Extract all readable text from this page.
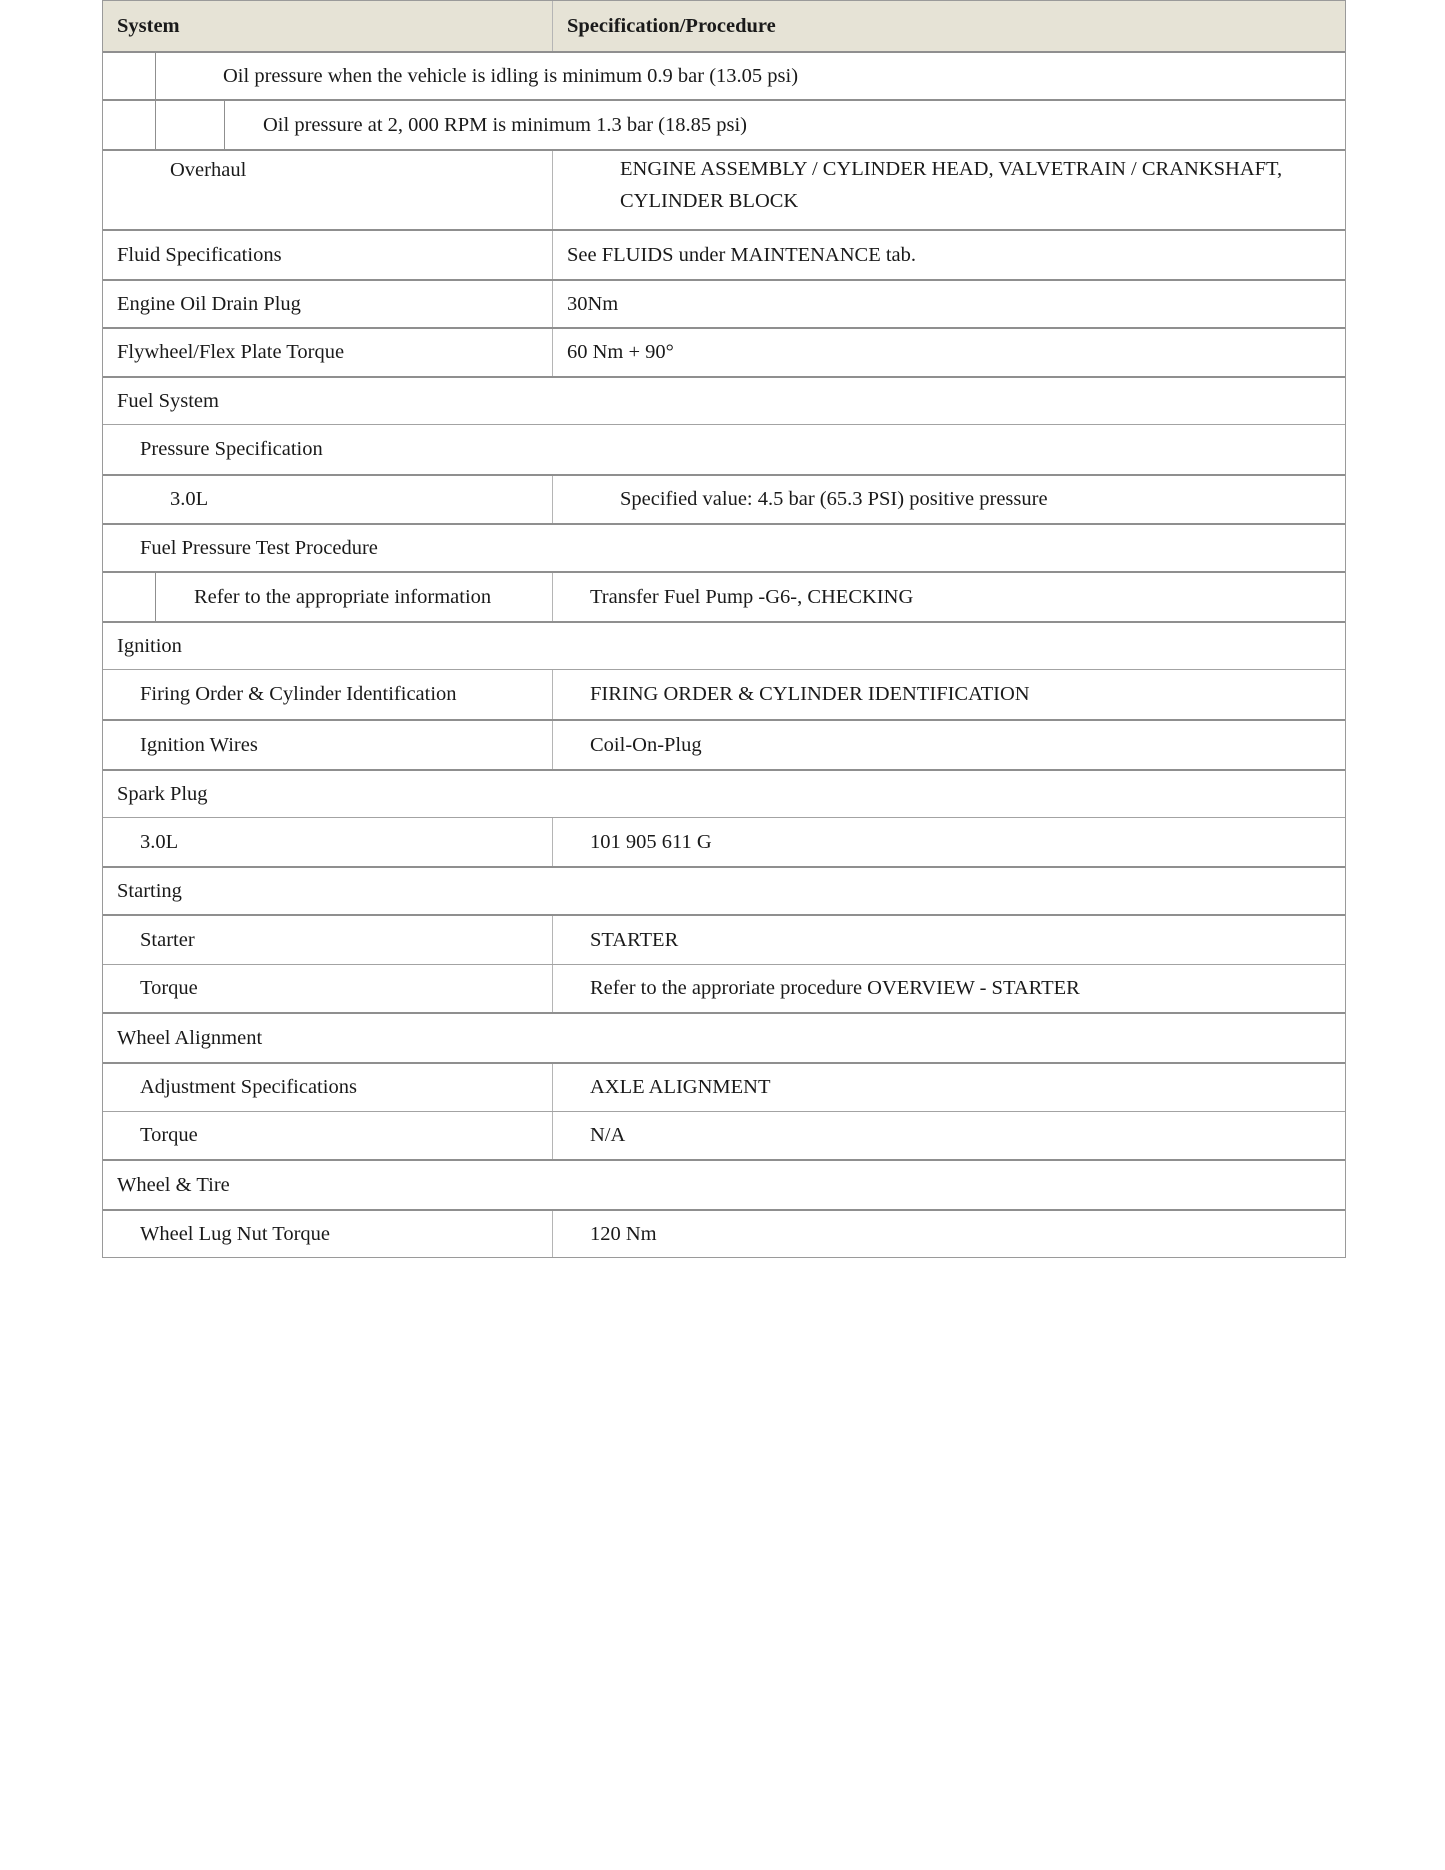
System	Specification/Procedure
Oil pressure when the vehicle is idling is minimum 0.9 bar (13.05 psi)
Oil pressure at 2, 000 RPM is minimum 1.3 bar (18.85 psi)
Overhaul	ENGINE ASSEMBLY / CYLINDER HEAD, VALVETRAIN / CRANKSHAFT, CYLINDER BLOCK
Fluid Specifications	See FLUIDS under MAINTENANCE tab.
Engine Oil Drain Plug	30Nm
Flywheel/Flex Plate Torque	60 Nm + 90°
Fuel System
Pressure Specification
3.0L	Specified value: 4.5 bar (65.3 PSI) positive pressure
Fuel Pressure Test Procedure
Refer to the appropriate information	Transfer Fuel Pump -G6-, CHECKING
Ignition
Firing Order & Cylinder Identification	FIRING ORDER & CYLINDER IDENTIFICATION
Ignition Wires	Coil-On-Plug
Spark Plug
3.0L	101 905 611 G
Starting
Starter	STARTER
Torque	Refer to the approriate procedure OVERVIEW - STARTER
Wheel Alignment
Adjustment Specifications	AXLE ALIGNMENT
Torque	N/A
Wheel & Tire
Wheel Lug Nut Torque	120 Nm
